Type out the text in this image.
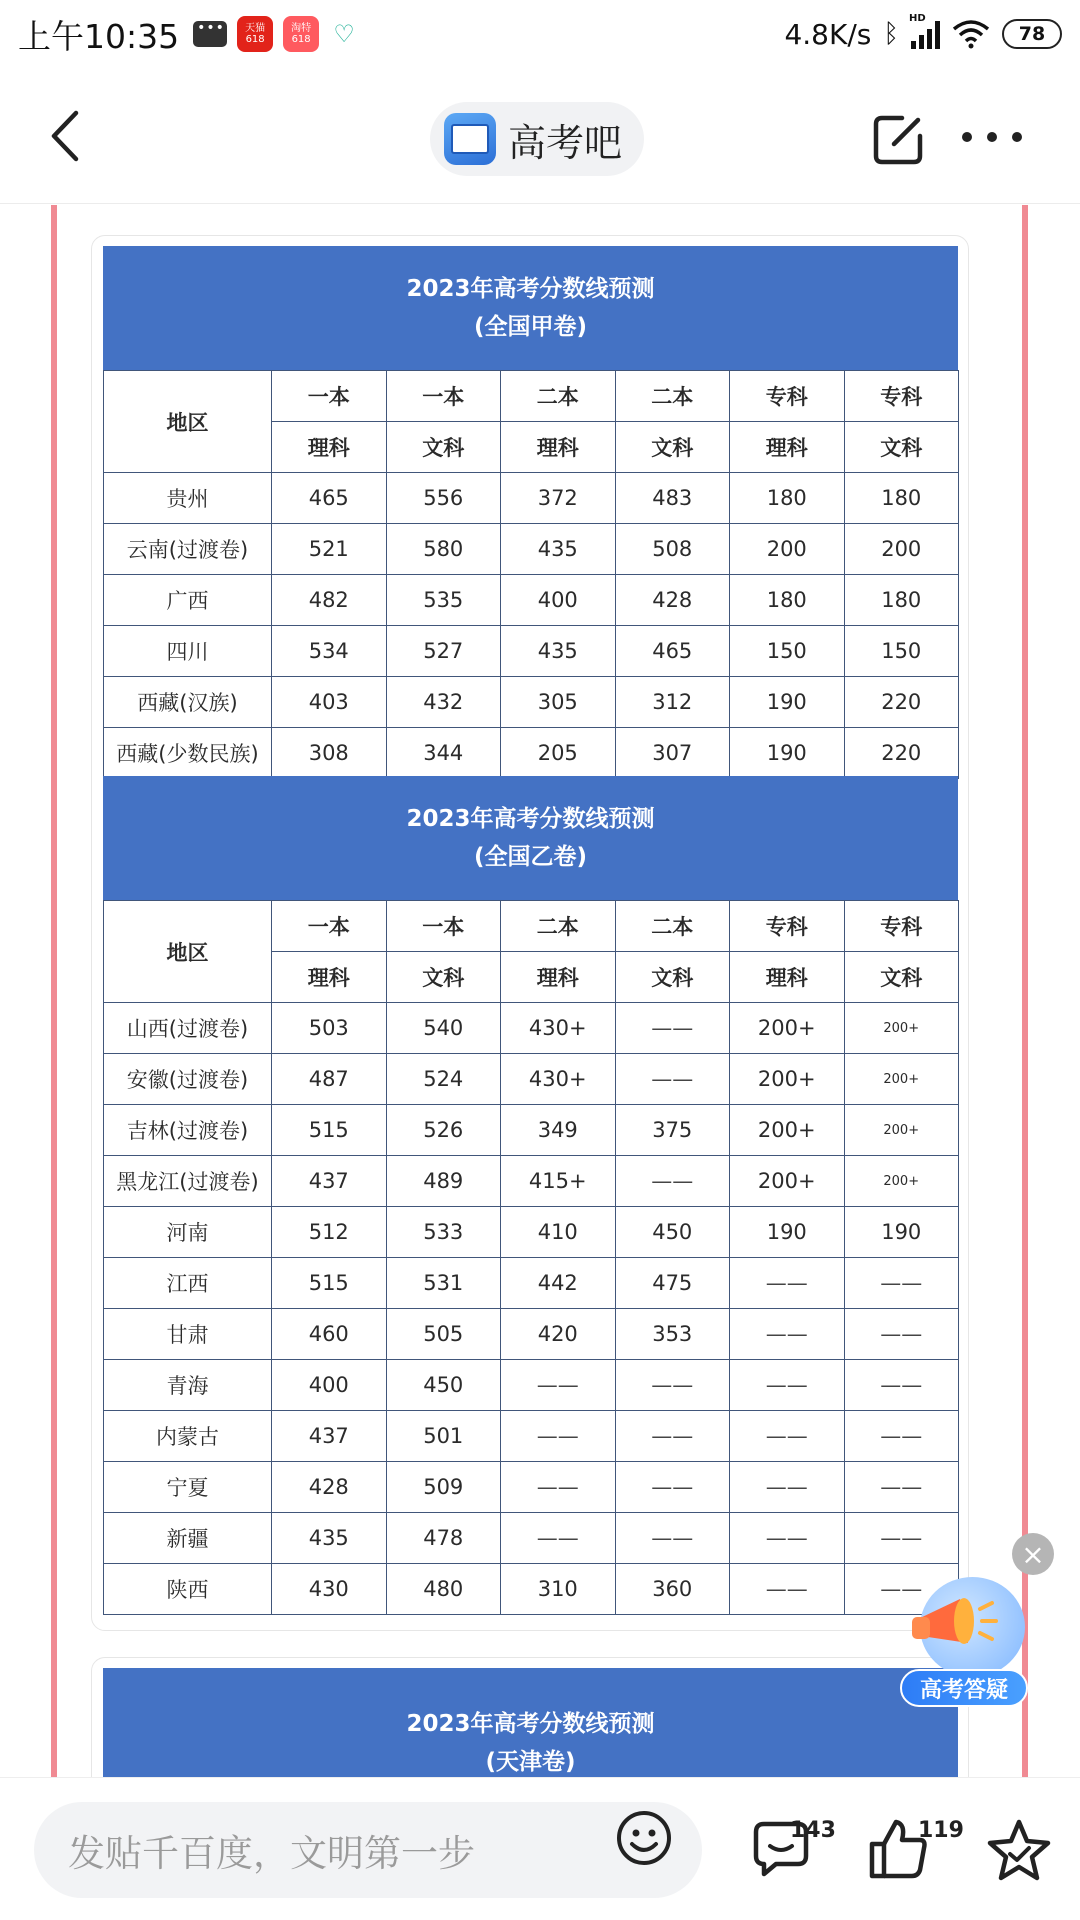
上午10:35 •••	天猫
618
淘特
618 ♡	4.8K/s ᛒ
HD
78
高考吧
2023年高考分数线预测
(全国甲卷)
地区	一本	一本	二本	二本	专科	专科
	理科	文科	理科	文科	理科	文科
贵州	465	556	372	483	180	180
云南(过渡卷)	521	580	435	508	200	200
广西	482	535	400	428	180	180
四川	534	527	435	465	150	150
西藏(汉族)	403	432	305	312	190	220
西藏(少数民族)	308	344	205	307	190	220
2023年高考分数线预测
(全国乙卷)
地区	一本	一本	二本	二本	专科	专科
	理科	文科	理科	文科	理科	文科
山西(过渡卷)	503	540	430+	——	200+	200+
安徽(过渡卷)	487	524	430+	——	200+	200+
吉林(过渡卷)	515	526	349	375	200+	200+
黑龙江(过渡卷)	437	489	415+	——	200+	200+
河南	512	533	410	450	190	190
江西	515	531	442	475	——	——
甘肃	460	505	420	353	——	——
青海	400	450	——	——	——	——
内蒙古	437	501	——	——	——	——
宁夏	428	509	——	——	——	——
新疆	435	478	——	——	——	——
陕西	430	480	310	360	——	——
2023年高考分数线预测
(天津卷)
×
高考答疑
发贴千百度，文明第一步
143	119
